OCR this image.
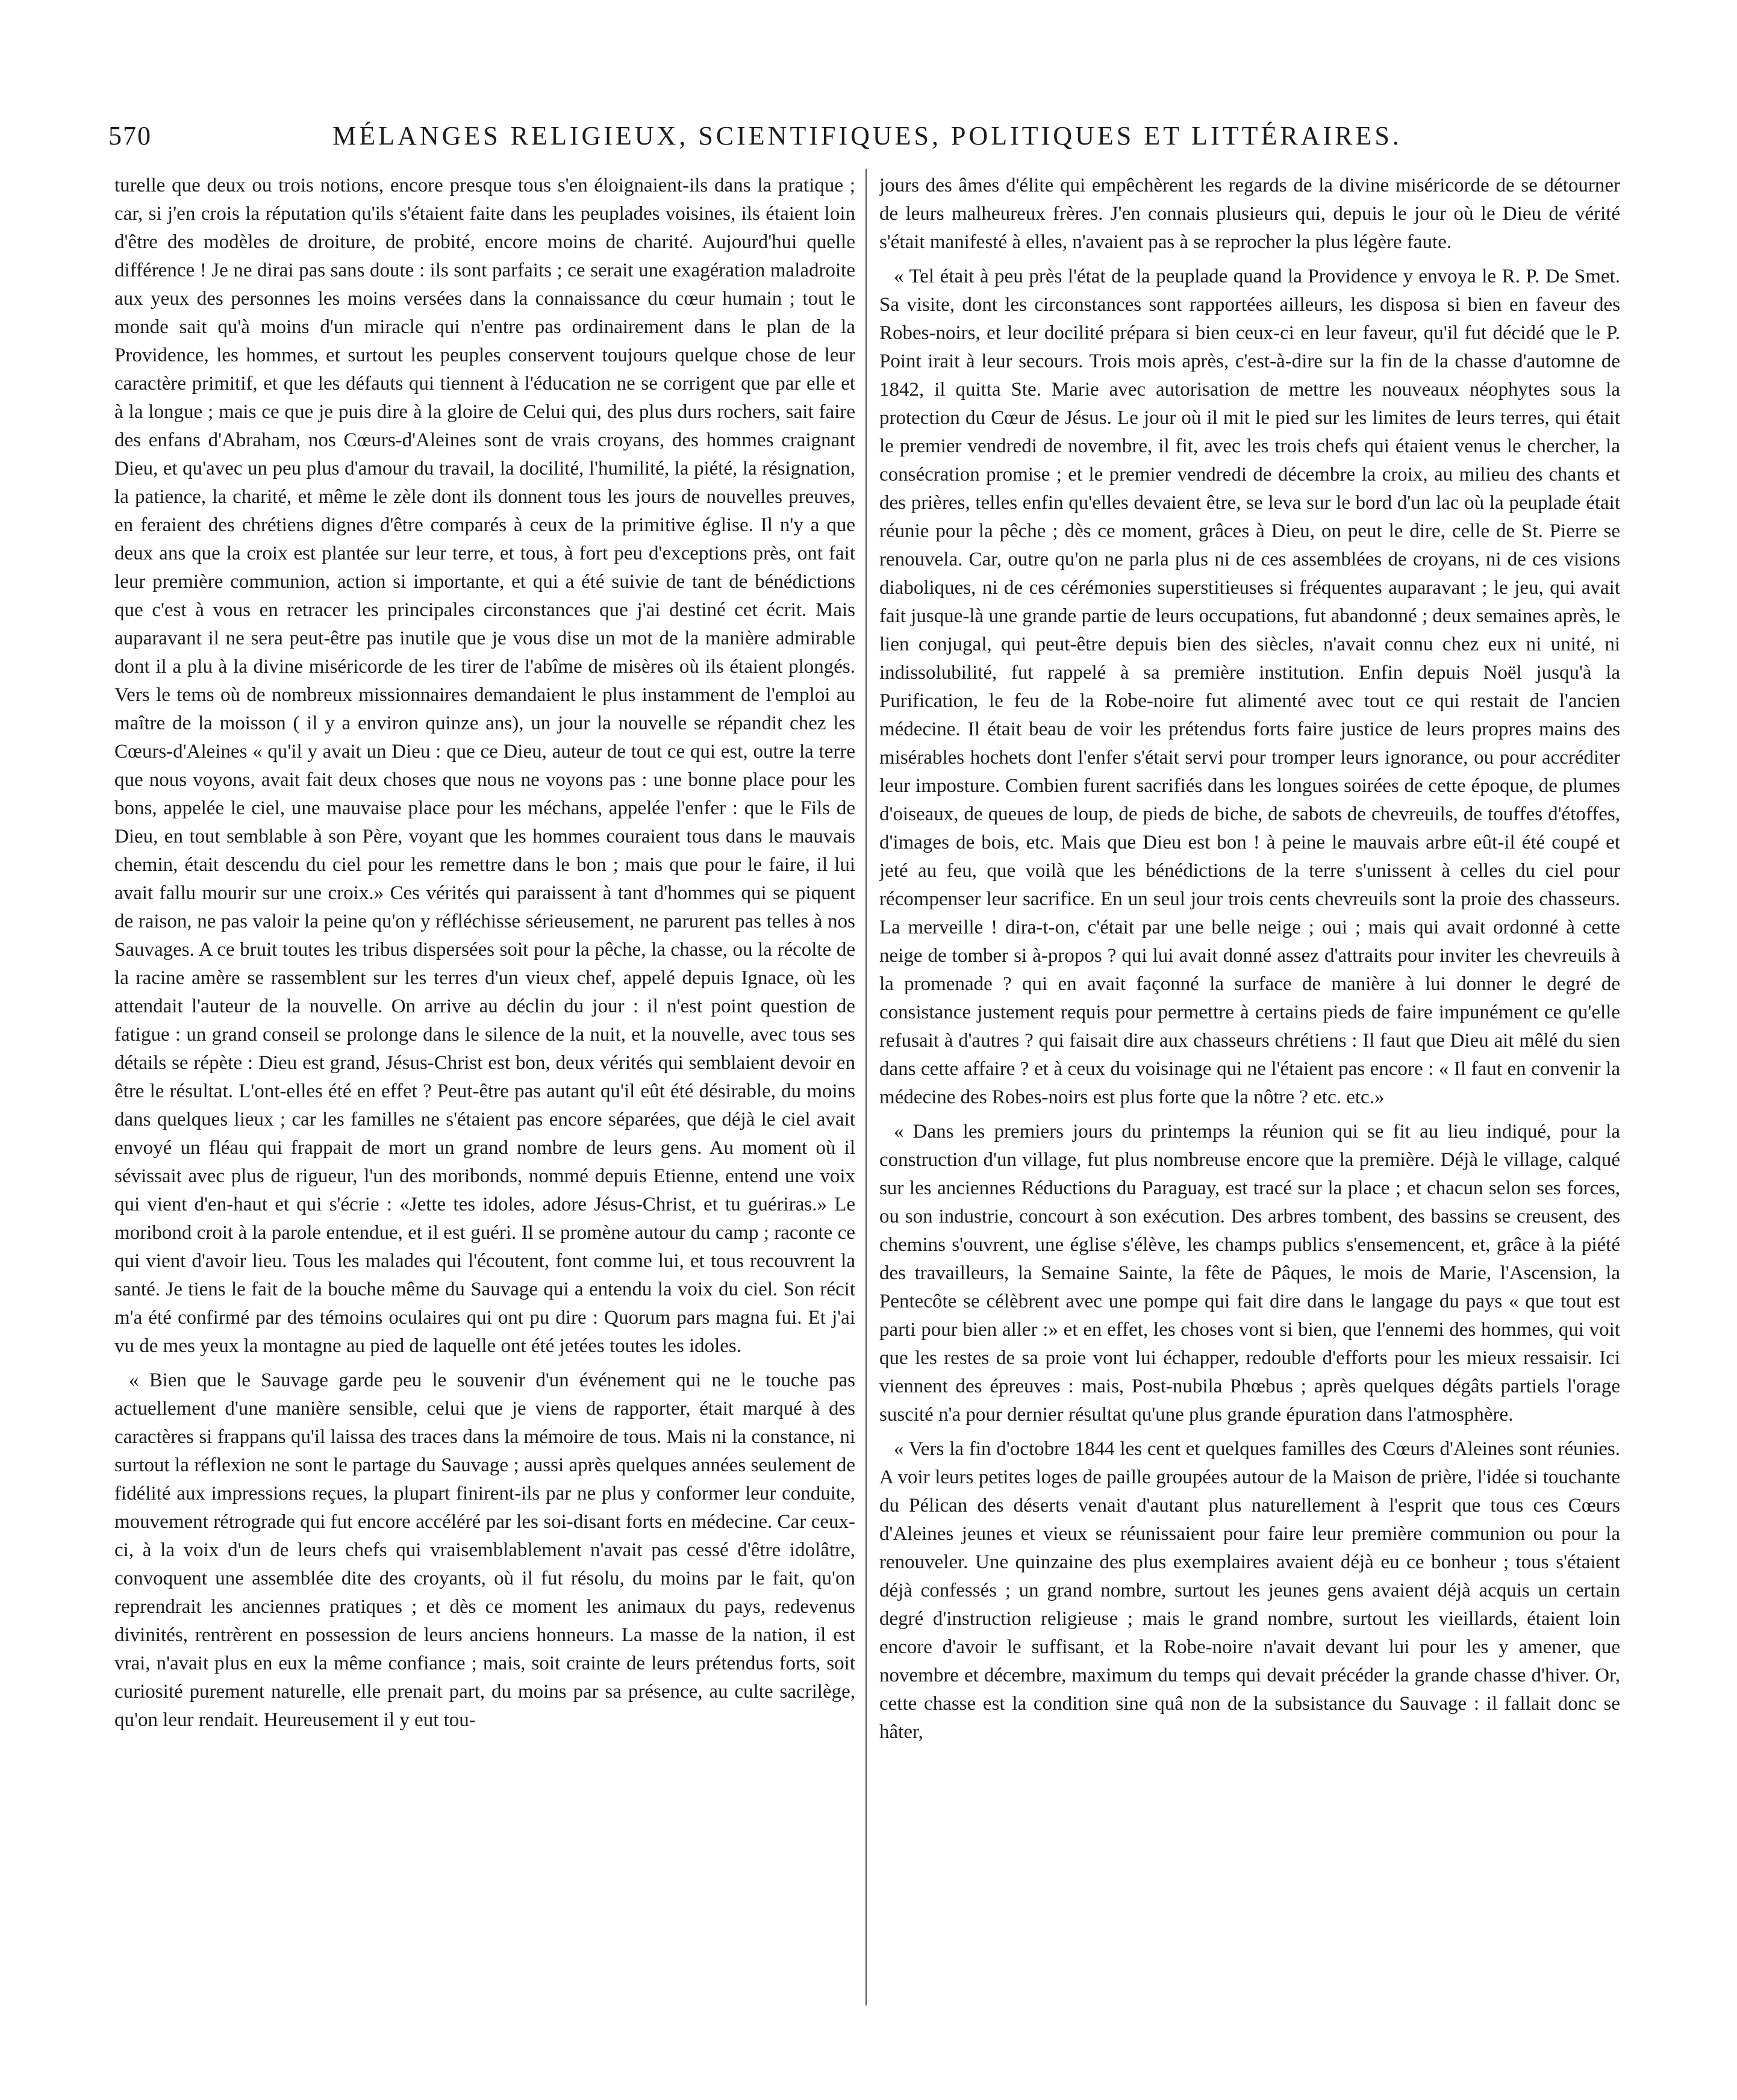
570	MÉLANGES RELIGIEUX, SCIENTIFIQUES, POLITIQUES ET LITTÉRAIRES.

turelle que deux ou trois notions, encore presque tous s'en éloignaient-ils dans la pratique ; car, si j'en crois la réputation qu'ils s'étaient faite dans les peuplades voisines, ils étaient loin d'être des modèles de droiture, de probité, encore moins de charité. Aujourd'hui quelle différence ! Je ne dirai pas sans doute : ils sont parfaits ; ce serait une exagération maladroite aux yeux des personnes les moins versées dans la connaissance du cœur humain ; tout le monde sait qu'à moins d'un miracle qui n'entre pas ordinairement dans le plan de la Providence, les hommes, et surtout les peuples conservent toujours quelque chose de leur caractère primitif, et que les défauts qui tiennent à l'éducation ne se corrigent que par elle et à la longue ; mais ce que je puis dire à la gloire de Celui qui, des plus durs rochers, sait faire des enfans d'Abraham, nos Cœurs-d'Aleines sont de vrais croyans, des hommes craignant Dieu, et qu'avec un peu plus d'amour du travail, la docilité, l'humilité, la piété, la résignation, la patience, la charité, et même le zèle dont ils donnent tous les jours de nouvelles preuves, en feraient des chrétiens dignes d'être comparés à ceux de la primitive église. Il n'y a que deux ans que la croix est plantée sur leur terre, et tous, à fort peu d'exceptions près, ont fait leur première communion, action si importante, et qui a été suivie de tant de bénédictions que c'est à vous en retracer les principales circonstances que j'ai destiné cet écrit. Mais auparavant il ne sera peut-être pas inutile que je vous dise un mot de la manière admirable dont il a plu à la divine miséricorde de les tirer de l'abîme de misères où ils étaient plongés. Vers le tems où de nombreux missionnaires demandaient le plus instamment de l'emploi au maître de la moisson ( il y a environ quinze ans), un jour la nouvelle se répandit chez les Cœurs-d'Aleines « qu'il y avait un Dieu : que ce Dieu, auteur de tout ce qui est, outre la terre que nous voyons, avait fait deux choses que nous ne voyons pas : une bonne place pour les bons, appelée le ciel, une mauvaise place pour les méchans, appelée l'enfer : que le Fils de Dieu, en tout semblable à son Père, voyant que les hommes couraient tous dans le mauvais chemin, était descendu du ciel pour les remettre dans le bon ; mais que pour le faire, il lui avait fallu mourir sur une croix.» Ces vérités qui paraissent à tant d'hommes qui se piquent de raison, ne pas valoir la peine qu'on y réfléchisse sérieusement, ne parurent pas telles à nos Sauvages. A ce bruit toutes les tribus dispersées soit pour la pêche, la chasse, ou la récolte de la racine amère se rassemblent sur les terres d'un vieux chef, appelé depuis Ignace, où les attendait l'auteur de la nouvelle. On arrive au déclin du jour : il n'est point question de fatigue : un grand conseil se prolonge dans le silence de la nuit, et la nouvelle, avec tous ses détails se répète : Dieu est grand, Jésus-Christ est bon, deux vérités qui semblaient devoir en être le résultat. L'ont-elles été en effet ? Peut-être pas autant qu'il eût été désirable, du moins dans quelques lieux ; car les familles ne s'étaient pas encore séparées, que déjà le ciel avait envoyé un fléau qui frappait de mort un grand nombre de leurs gens. Au moment où il sévissait avec plus de rigueur, l'un des moribonds, nommé depuis Etienne, entend une voix qui vient d'en-haut et qui s'écrie : «Jette tes idoles, adore Jésus-Christ, et tu guériras.» Le moribond croit à la parole entendue, et il est guéri. Il se promène autour du camp ; raconte ce qui vient d'avoir lieu. Tous les malades qui l'écoutent, font comme lui, et tous recouvrent la santé. Je tiens le fait de la bouche même du Sauvage qui a entendu la voix du ciel. Son récit m'a été confirmé par des témoins oculaires qui ont pu dire : Quorum pars magna fui. Et j'ai vu de mes yeux la montagne au pied de laquelle ont été jetées toutes les idoles.

« Bien que le Sauvage garde peu le souvenir d'un événement qui ne le touche pas actuellement d'une manière sensible, celui que je viens de rapporter, était marqué à des caractères si frappans qu'il laissa des traces dans la mémoire de tous. Mais ni la constance, ni surtout la réflexion ne sont le partage du Sauvage ; aussi après quelques années seulement de fidélité aux impressions reçues, la plupart finirent-ils par ne plus y conformer leur conduite, mouvement rétrograde qui fut encore accéléré par les soi-disant forts en médecine. Car ceux-ci, à la voix d'un de leurs chefs qui vraisemblablement n'avait pas cessé d'être idolâtre, convoquent une assemblée dite des croyants, où il fut résolu, du moins par le fait, qu'on reprendrait les anciennes pratiques ; et dès ce moment les animaux du pays, redevenus divinités, rentrèrent en possession de leurs anciens honneurs. La masse de la nation, il est vrai, n'avait plus en eux la même confiance ; mais, soit crainte de leurs prétendus forts, soit curiosité purement naturelle, elle prenait part, du moins par sa présence, au culte sacrilège, qu'on leur rendait. Heureusement il y eut tou-

jours des âmes d'élite qui empêchèrent les regards de la divine miséricorde de se détourner de leurs malheureux frères. J'en connais plusieurs qui, depuis le jour où le Dieu de vérité s'était manifesté à elles, n'avaient pas à se reprocher la plus légère faute.

« Tel était à peu près l'état de la peuplade quand la Providence y envoya le R. P. De Smet. Sa visite, dont les circonstances sont rapportées ailleurs, les disposa si bien en faveur des Robes-noirs, et leur docilité prépara si bien ceux-ci en leur faveur, qu'il fut décidé que le P. Point irait à leur secours. Trois mois après, c'est-à-dire sur la fin de la chasse d'automne de 1842, il quitta Ste. Marie avec autorisation de mettre les nouveaux néophytes sous la protection du Cœur de Jésus. Le jour où il mit le pied sur les limites de leurs terres, qui était le premier vendredi de novembre, il fit, avec les trois chefs qui étaient venus le chercher, la consécration promise ; et le premier vendredi de décembre la croix, au milieu des chants et des prières, telles enfin qu'elles devaient être, se leva sur le bord d'un lac où la peuplade était réunie pour la pêche ; dès ce moment, grâces à Dieu, on peut le dire, celle de St. Pierre se renouvela. Car, outre qu'on ne parla plus ni de ces assemblées de croyans, ni de ces visions diaboliques, ni de ces cérémonies superstitieuses si fréquentes auparavant ; le jeu, qui avait fait jusque-là une grande partie de leurs occupations, fut abandonné ; deux semaines après, le lien conjugal, qui peut-être depuis bien des siècles, n'avait connu chez eux ni unité, ni indissolubilité, fut rappelé à sa première institution. Enfin depuis Noël jusqu'à la Purification, le feu de la Robe-noire fut alimenté avec tout ce qui restait de l'ancien médecine. Il était beau de voir les prétendus forts faire justice de leurs propres mains des misérables hochets dont l'enfer s'était servi pour tromper leurs ignorance, ou pour accréditer leur imposture. Combien furent sacrifiés dans les longues soirées de cette époque, de plumes d'oiseaux, de queues de loup, de pieds de biche, de sabots de chevreuils, de touffes d'étoffes, d'images de bois, etc. Mais que Dieu est bon ! à peine le mauvais arbre eût-il été coupé et jeté au feu, que voilà que les bénédictions de la terre s'unissent à celles du ciel pour récompenser leur sacrifice. En un seul jour trois cents chevreuils sont la proie des chasseurs. La merveille ! dira-t-on, c'était par une belle neige ; oui ; mais qui avait ordonné à cette neige de tomber si à-propos ? qui lui avait donné assez d'attraits pour inviter les chevreuils à la promenade ? qui en avait façonné la surface de manière à lui donner le degré de consistance justement requis pour permettre à certains pieds de faire impunément ce qu'elle refusait à d'autres ? qui faisait dire aux chasseurs chrétiens : Il faut que Dieu ait mêlé du sien dans cette affaire ? et à ceux du voisinage qui ne l'étaient pas encore : « Il faut en convenir la médecine des Robes-noirs est plus forte que la nôtre ? etc. etc.»

« Dans les premiers jours du printemps la réunion qui se fit au lieu indiqué, pour la construction d'un village, fut plus nombreuse encore que la première. Déjà le village, calqué sur les anciennes Réductions du Paraguay, est tracé sur la place ; et chacun selon ses forces, ou son industrie, concourt à son exécution. Des arbres tombent, des bassins se creusent, des chemins s'ouvrent, une église s'élève, les champs publics s'ensemencent, et, grâce à la piété des travailleurs, la Semaine Sainte, la fête de Pâques, le mois de Marie, l'Ascension, la Pentecôte se célèbrent avec une pompe qui fait dire dans le langage du pays « que tout est parti pour bien aller :» et en effet, les choses vont si bien, que l'ennemi des hommes, qui voit que les restes de sa proie vont lui échapper, redouble d'efforts pour les mieux ressaisir. Ici viennent des épreuves : mais, Post-nubila Phœbus ; après quelques dégâts partiels l'orage suscité n'a pour dernier résultat qu'une plus grande épuration dans l'atmosphère.

« Vers la fin d'octobre 1844 les cent et quelques familles des Cœurs d'Aleines sont réunies. A voir leurs petites loges de paille groupées autour de la Maison de prière, l'idée si touchante du Pélican des déserts venait d'autant plus naturellement à l'esprit que tous ces Cœurs d'Aleines jeunes et vieux se réunissaient pour faire leur première communion ou pour la renouveler. Une quinzaine des plus exemplaires avaient déjà eu ce bonheur ; tous s'étaient déjà confessés ; un grand nombre, surtout les jeunes gens avaient déjà acquis un certain degré d'instruction religieuse ; mais le grand nombre, surtout les vieillards, étaient loin encore d'avoir le suffisant, et la Robe-noire n'avait devant lui pour les y amener, que novembre et décembre, maximum du temps qui devait précéder la grande chasse d'hiver. Or, cette chasse est la condition sine quâ non de la subsistance du Sauvage : il fallait donc se hâter,
